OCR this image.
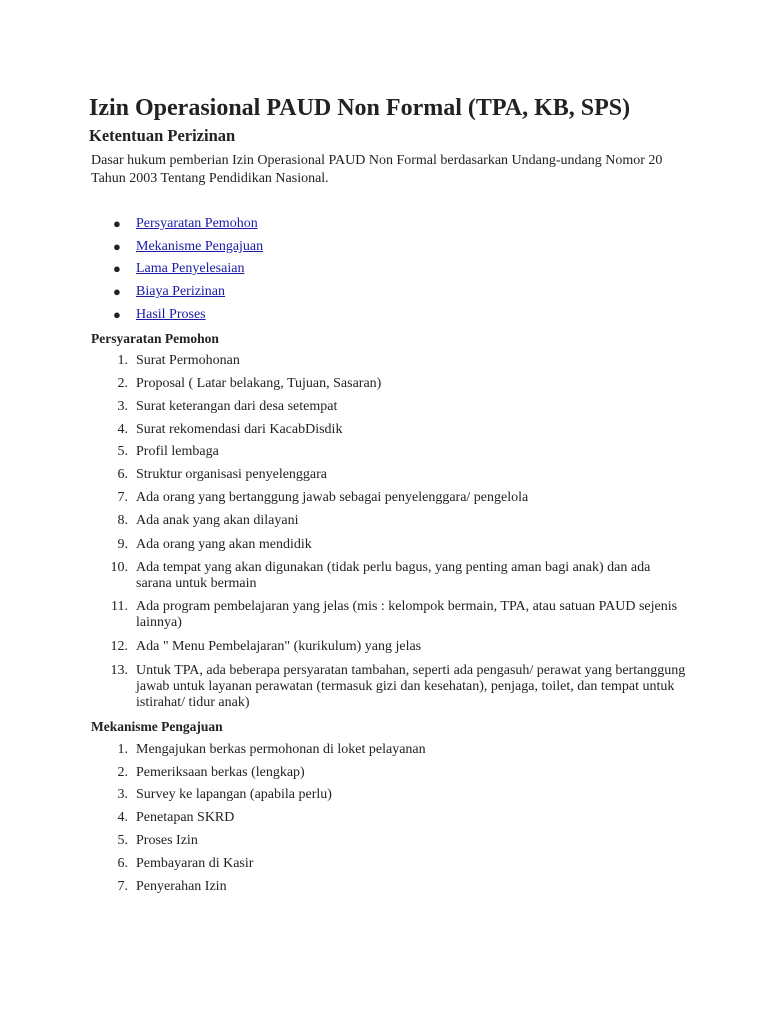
Izin Operasional PAUD Non Formal (TPA, KB, SPS)
Ketentuan Perizinan

Dasar hukum pemberian Izin Operasional PAUD Non Formal berdasarkan Undang-undang Nomor 20 Tahun 2003 Tentang Pendidikan Nasional.

● Persyaratan Pemohon
● Mekanisme Pengajuan
● Lama Penyelesaian
● Biaya Perizinan
● Hasil Proses
Persyaratan Pemohon
1. Surat Permohonan
2. Proposal ( Latar belakang, Tujuan, Sasaran)
3. Surat keterangan dari desa setempat
4. Surat rekomendasi dari KacabDisdik
5. Profil lembaga
6. Struktur organisasi penyelenggara
7. Ada orang yang bertanggung jawab sebagai penyelenggara/ pengelola
8. Ada anak yang akan dilayani
9. Ada orang yang akan mendidik
10. Ada tempat yang akan digunakan (tidak perlu bagus, yang penting aman bagi anak) dan ada sarana untuk bermain
11. Ada program pembelajaran yang jelas (mis : kelompok bermain, TPA, atau satuan PAUD sejenis lainnya)
12. Ada " Menu Pembelajaran" (kurikulum) yang jelas
13. Untuk TPA, ada beberapa persyaratan tambahan, seperti ada pengasuh/ perawat yang bertanggung jawab untuk layanan perawatan (termasuk gizi dan kesehatan), penjaga, toilet, dan tempat untuk istirahat/ tidur anak)
Mekanisme Pengajuan
1. Mengajukan berkas permohonan di loket pelayanan
2. Pemeriksaan berkas (lengkap)
3. Survey ke lapangan (apabila perlu)
4. Penetapan SKRD
5. Proses Izin
6. Pembayaran di Kasir
7. Penyerahan Izin
